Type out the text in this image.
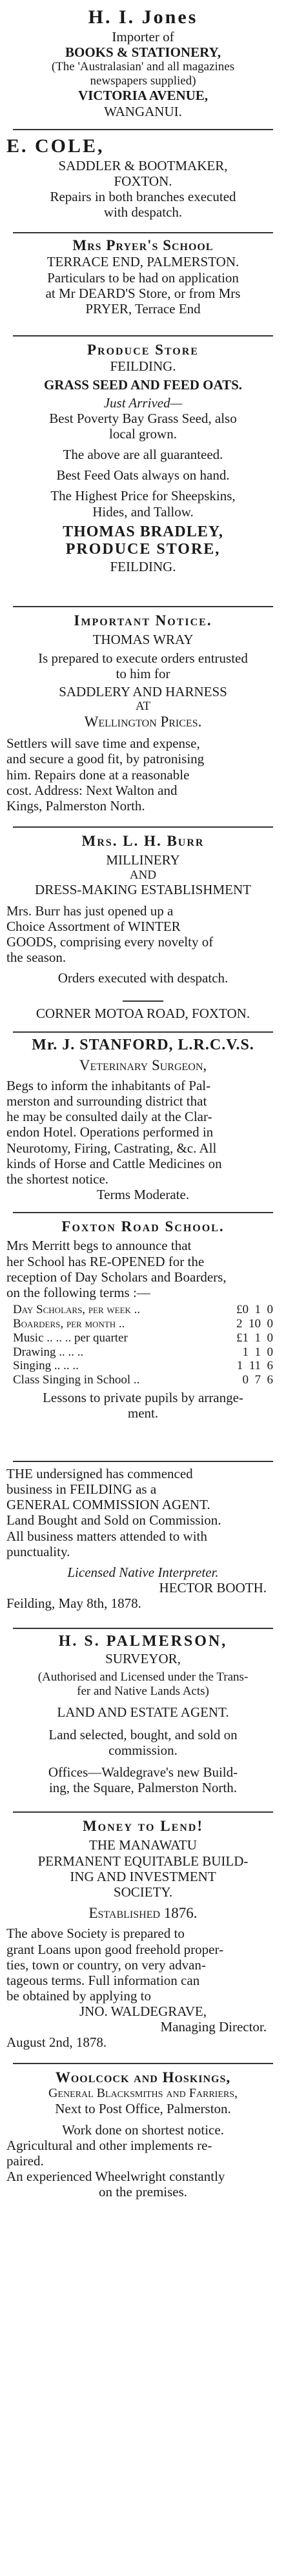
H. I. Jones
Importer of
BOOKS & STATIONERY,
(The 'Australasian' and all magazines
newspapers supplied)
VICTORIA AVENUE,
WANGANUI.
E. COLE,
SADDLER & BOOTMAKER,
FOXTON.
Repairs in both branches executed
with despatch.
Mrs Pryer's School
TERRACE END, PALMERSTON.
Particulars to be had on application
at Mr DEARD'S Store, or from Mrs
PRYER, Terrace End
Produce Store
FEILDING.
GRASS SEED AND FEED OATS.
Just Arrived—
Best Poverty Bay Grass Seed, also
local grown.
The above are all guaranteed.
Best Feed Oats always on hand.
The Highest Price for Sheepskins,
Hides, and Tallow.
THOMAS BRADLEY,
PRODUCE STORE,
FEILDING.
Important Notice.
THOMAS WRAY
Is prepared to execute orders entrusted
to him for
SADDLERY AND HARNESS
AT
Wellington Prices.
Settlers will save time and expense,
and secure a good fit, by patronising
him. Repairs done at a reasonable
cost. Address: Next Walton and
Kings, Palmerston North.
Mrs. L. H. Burr
MILLINERY
AND
DRESS-MAKING ESTABLISHMENT
Mrs. Burr has just opened up a
Choice Assortment of WINTER
GOODS, comprising every novelty of
the season.
Orders executed with despatch.
CORNER MOTOA ROAD, FOXTON.
Mr. J. STANFORD, L.R.C.V.S.
Veterinary Surgeon,
Begs to inform the inhabitants of Pal-
merston and surrounding district that
he may be consulted daily at the Clar-
endon Hotel. Operations performed in
Neurotomy, Firing, Castrating, &c. All
kinds of Horse and Cattle Medicines on
the shortest notice.
Terms Moderate.
Foxton Road School.
Mrs Merritt begs to announce that
her School has RE-OPENED for the
reception of Day Scholars and Boarders,
on the following terms :—
Day Scholars, per week ..	£0 1 0
Boarders, per month ..	2 10 0
Music .. .. .. per quarter	£1 1 0
Drawing .. .. ..	1 1 0
Singing .. .. ..	1 11 6
Class Singing in School ..	0 7 6
Lessons to private pupils by arrange-
ment.
THE undersigned has commenced
business in FEILDING as a
GENERAL COMMISSION AGENT.
Land Bought and Sold on Commission.
All business matters attended to with
punctuality.
Licensed Native Interpreter.
HECTOR BOOTH.
Feilding, May 8th, 1878.
H. S. PALMERSON,
SURVEYOR,
(Authorised and Licensed under the Trans-
fer and Native Lands Acts)
LAND AND ESTATE AGENT.
Land selected, bought, and sold on
commission.
Offices—Waldegrave's new Build-
ing, the Square, Palmerston North.
Money to Lend!
THE MANAWATU
PERMANENT EQUITABLE BUILD-
ING AND INVESTMENT
SOCIETY.
Established 1876.
The above Society is prepared to
grant Loans upon good freehold proper-
ties, town or country, on very advan-
tageous terms. Full information can
be obtained by applying to
JNO. WALDEGRAVE,
Managing Director.
August 2nd, 1878.
Woolcock and Hoskings,
General Blacksmiths and Farriers,
Next to Post Office, Palmerston.
Work done on shortest notice.
Agricultural and other implements re-
paired.
An experienced Wheelwright constantly
on the premises.
